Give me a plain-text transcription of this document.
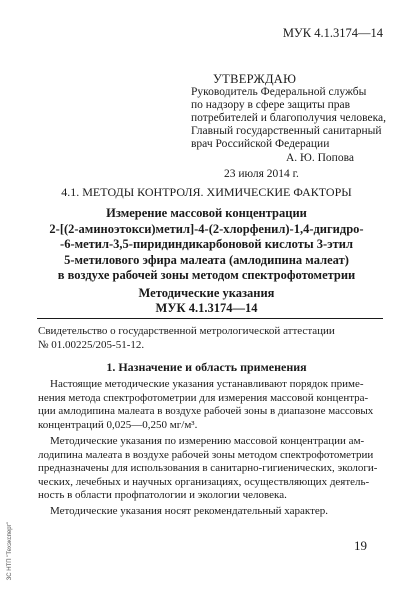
МУК 4.1.3174—14
УТВЕРЖДАЮ
Руководитель Федеральной службы
по надзору в сфере защиты прав
потребителей и благополучия человека,
Главный государственный санитарный
врач Российской Федерации
А. Ю. Попова
23 июля 2014 г.
4.1. МЕТОДЫ КОНТРОЛЯ. ХИМИЧЕСКИЕ ФАКТОРЫ
Измерение массовой концентрации
2-[(2-аминоэтокси)метил]-4-(2-хлорфенил)-1,4-дигидро-
-6-метил-3,5-пиридиндикарбоновой кислоты 3-этил
5-метилового эфира малеата (амлодипина малеат)
в воздухе рабочей зоны методом спектрофотометрии
Методические указания
МУК 4.1.3174—14
Свидетельство о государственной метрологической аттестации
№ 01.00225/205-51-12.
1. Назначение и область применения
Настоящие методические указания устанавливают порядок приме-
нения метода спектрофотометрии для измерения массовой концентра-
ции амлодипина малеата в воздухе рабочей зоны в диапазоне массовых
концентраций 0,025—0,250 мг/м³.
Методические указания по измерению массовой концентрации ам-
лодипина малеата в воздухе рабочей зоны методом спектрофотометрии
предназначены для использования в санитарно-гигиенических, экологи-
ческих, лечебных и научных организациях, осуществляющих деятель-
ность в области профпатологии и экологии человека.
Методические указания носят рекомендательный характер.
19
ЗС НТП "Техэксперт"
